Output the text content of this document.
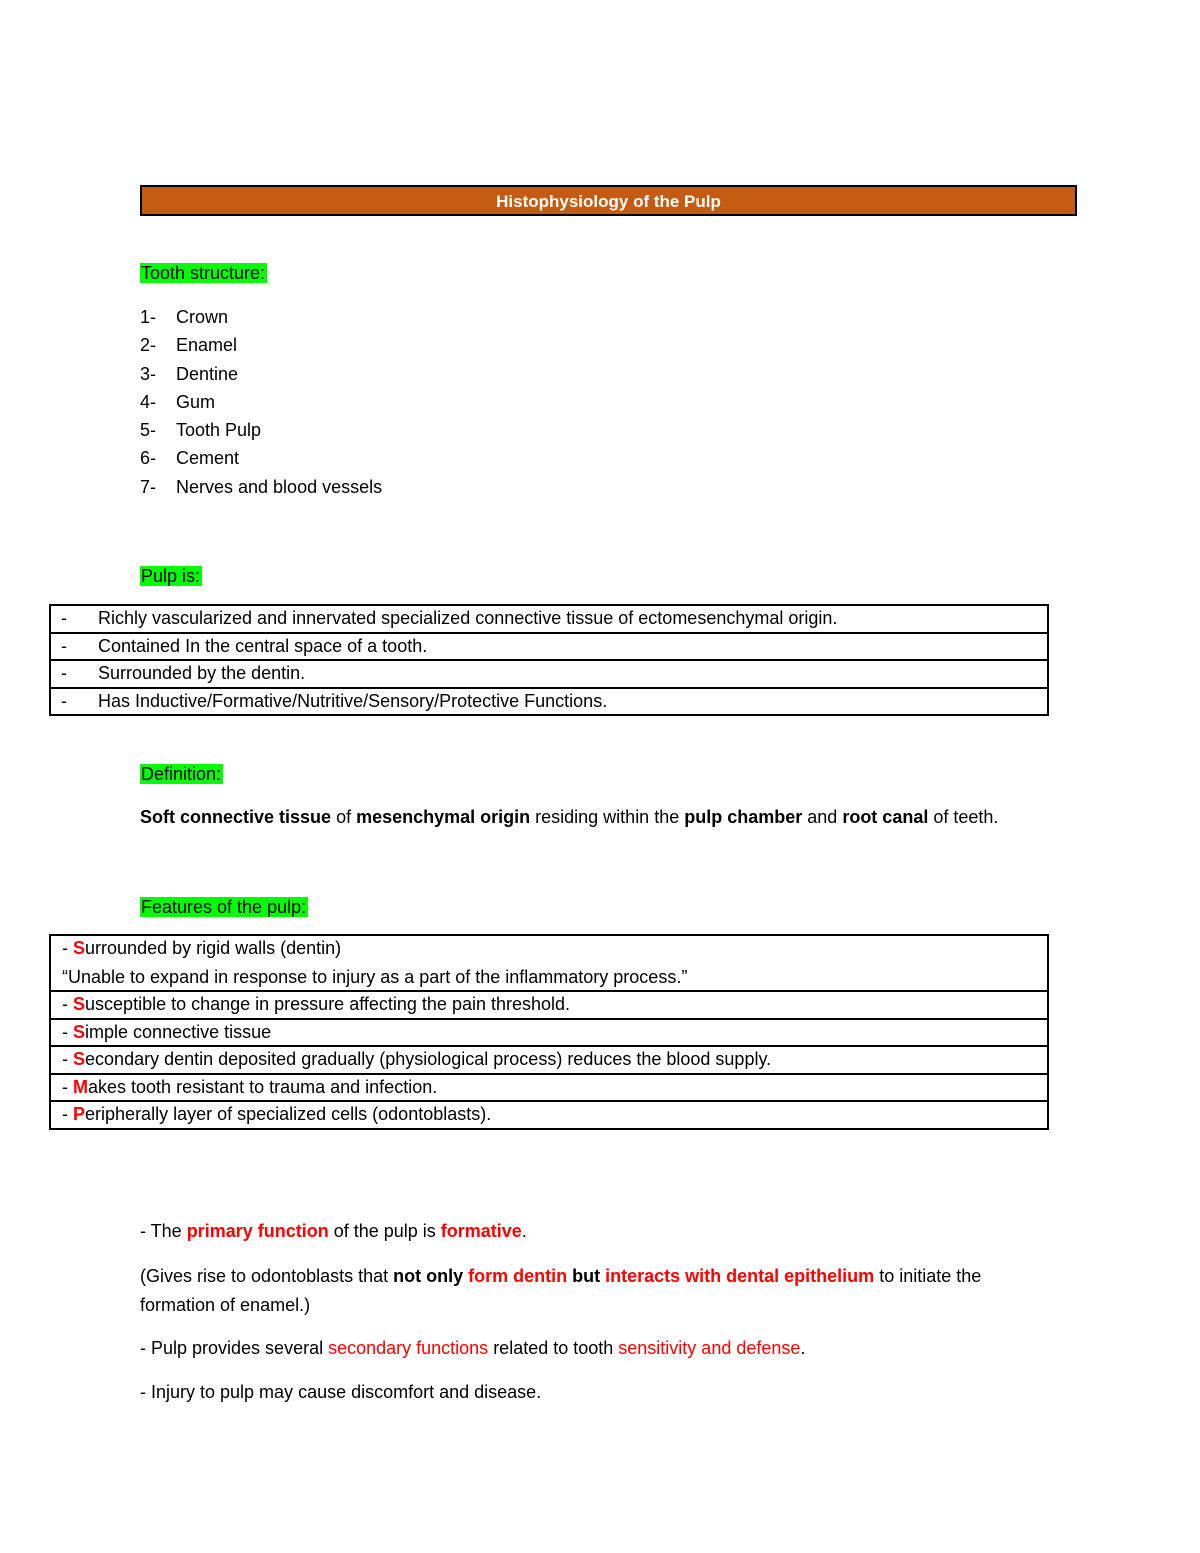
Histophysiology of the Pulp
Tooth structure:
1- Crown
2- Enamel
3- Dentine
4- Gum
5- Tooth Pulp
6- Cement
7- Nerves and blood vessels
Pulp is:
- Richly vascularized and innervated specialized connective tissue of ectomesenchymal origin.
- Contained In the central space of a tooth.
- Surrounded by the dentin.
- Has Inductive/Formative/Nutritive/Sensory/Protective Functions.
Definition:
Soft connective tissue of mesenchymal origin residing within the pulp chamber and root canal of teeth.
Features of the pulp:
- Surrounded by rigid walls (dentin)
“Unable to expand in response to injury as a part of the inflammatory process.”
- Susceptible to change in pressure affecting the pain threshold.
- Simple connective tissue
- Secondary dentin deposited gradually (physiological process) reduces the blood supply.
- Makes tooth resistant to trauma and infection.
- Peripherally layer of specialized cells (odontoblasts).
- The primary function of the pulp is formative.
(Gives rise to odontoblasts that not only form dentin but interacts with dental epithelium to initiate the
formation of enamel.)
- Pulp provides several secondary functions related to tooth sensitivity and defense.
- Injury to pulp may cause discomfort and disease.
